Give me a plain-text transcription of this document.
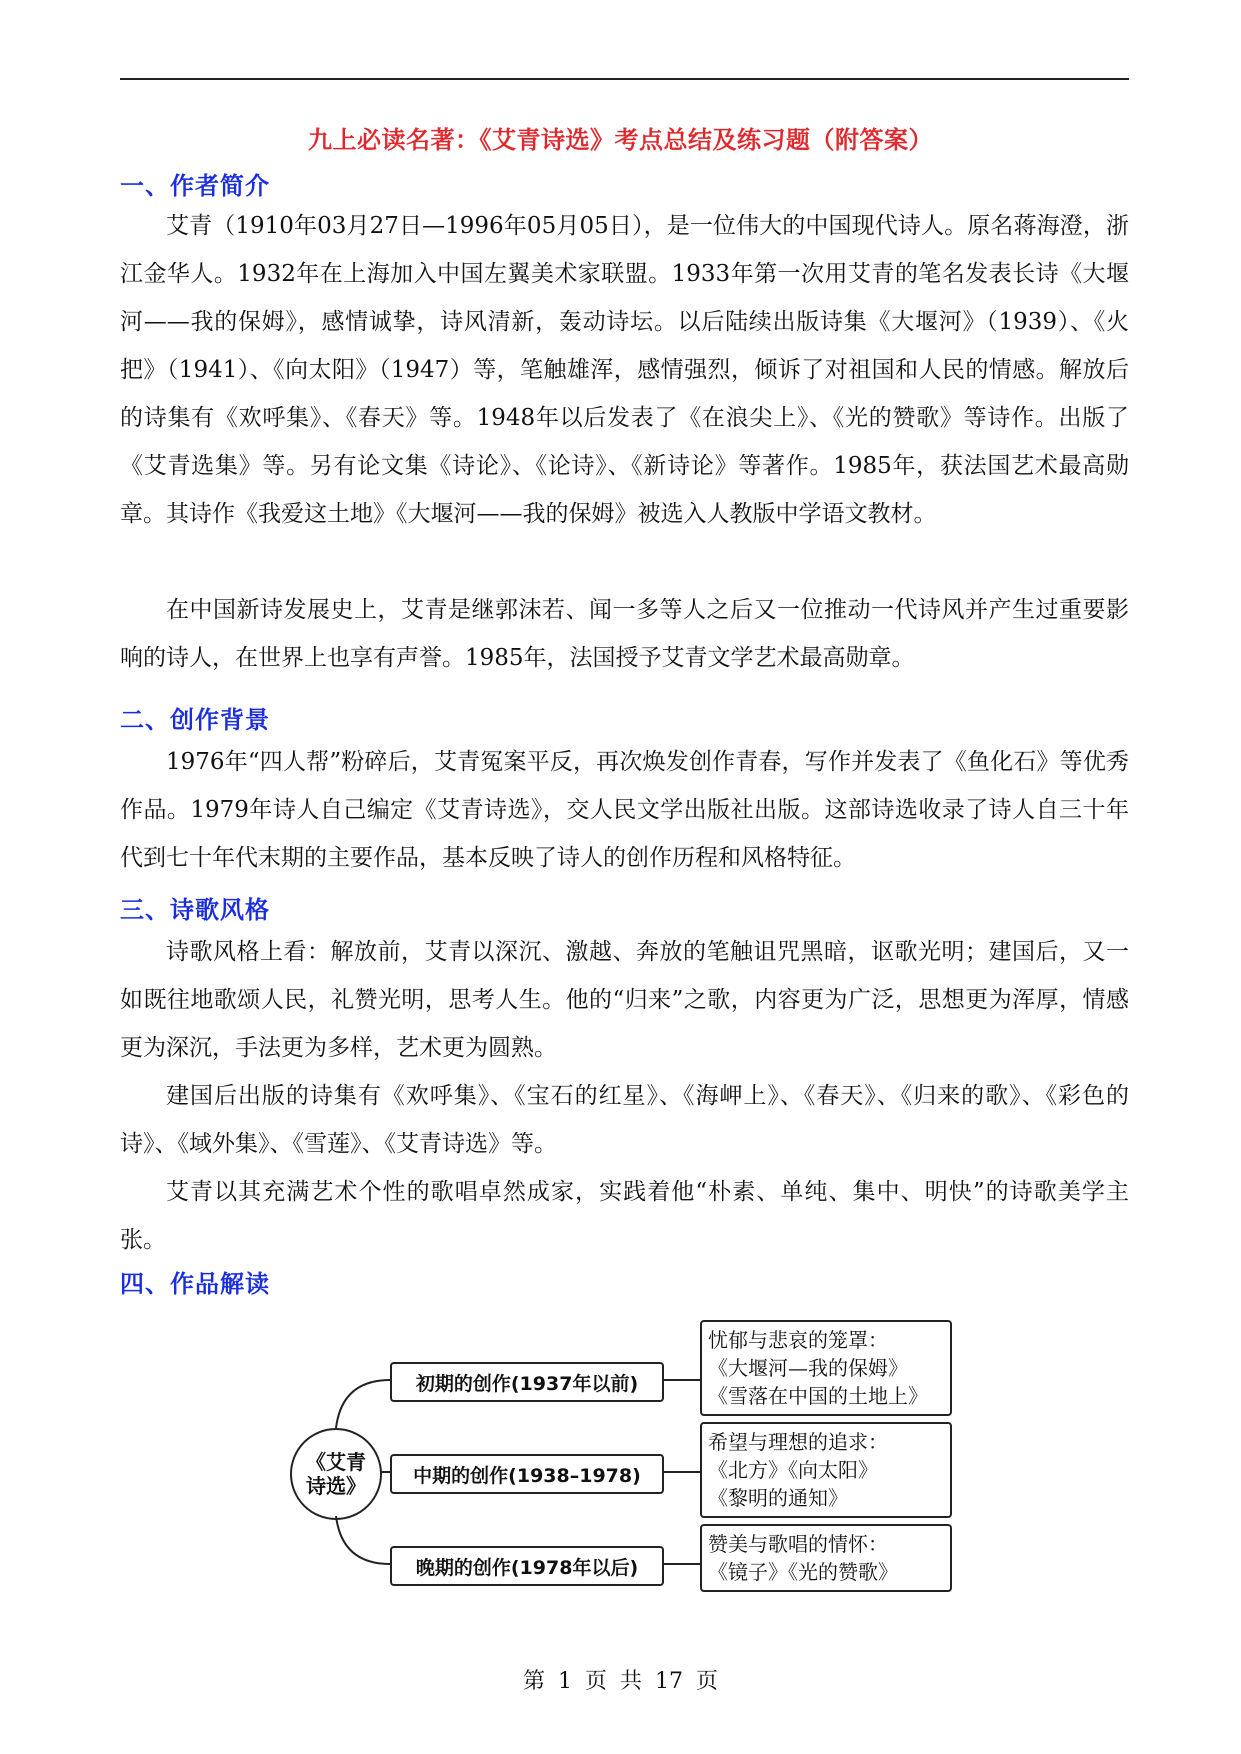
九上必读名著：《艾青诗选》考点总结及练习题（附答案）
一、作者简介

艾青（1910年03月27日—1996年05月05日），是一位伟大的中国现代诗人。原名蒋海澄，浙江金华人。1932年在上海加入中国左翼美术家联盟。1933年第一次用艾青的笔名发表长诗《大堰河——我的保姆》，感情诚挚，诗风清新，轰动诗坛。以后陆续出版诗集《大堰河》（1939）、《火把》（1941）、《向太阳》（1947）等，笔触雄浑，感情强烈，倾诉了对祖国和人民的情感。解放后的诗集有《欢呼集》、《春天》等。1948年以后发表了《在浪尖上》、《光的赞歌》等诗作。出版了《艾青选集》等。另有论文集《诗论》、《论诗》、《新诗论》等著作。1985年，获法国艺术最高勋章。其诗作《我爱这土地》《大堰河——我的保姆》被选入人教版中学语文教材。

在中国新诗发展史上，艾青是继郭沫若、闻一多等人之后又一位推动一代诗风并产生过重要影响的诗人，在世界上也享有声誉。1985年，法国授予艾青文学艺术最高勋章。

二、创作背景

1976年“四人帮”粉碎后，艾青冤案平反，再次焕发创作青春，写作并发表了《鱼化石》等优秀作品。1979年诗人自己编定《艾青诗选》，交人民文学出版社出版。这部诗选收录了诗人自三十年代到七十年代末期的主要作品，基本反映了诗人的创作历程和风格特征。

三、诗歌风格

诗歌风格上看：解放前，艾青以深沉、激越、奔放的笔触诅咒黑暗，讴歌光明；建国后，又一如既往地歌颂人民，礼赞光明，思考人生。他的“归来”之歌，内容更为广泛，思想更为浑厚，情感更为深沉，手法更为多样，艺术更为圆熟。

建国后出版的诗集有《欢呼集》、《宝石的红星》、《海岬上》、《春天》、《归来的歌》、《彩色的诗》、《域外集》、《雪莲》、《艾青诗选》等。

艾青以其充满艺术个性的歌唱卓然成家，实践着他“朴素、单纯、集中、明快”的诗歌美学主张。

四、作品解读
《艾青
诗选》
初期的创作(1937年以前)
中期的创作(1938–1978)
晚期的创作(1978年以后)
忧郁与悲哀的笼罩：
《大堰河—我的保姆》
《雪落在中国的土地上》
希望与理想的追求：
《北方》《向太阳》
《黎明的通知》
赞美与歌唱的情怀：
《镜子》《光的赞歌》
第 1 页 共 17 页
